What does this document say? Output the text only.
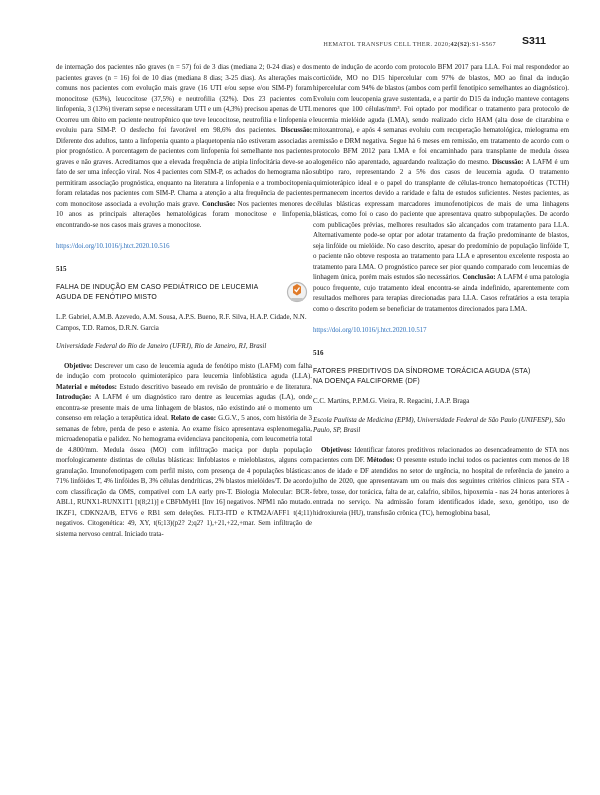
HEMATOL TRANSFUS CELL THER. 2020;42(S2):S1-S567 S311

de internação dos pacientes não graves (n = 57) foi de 3 dias (mediana 2; 0-24 dias) e dos pacientes graves (n = 16) foi de 10 dias (mediana 8 dias; 3-25 dias). As alterações mais comuns nos pacientes com evolução mais grave (16 UTI e/ou sepse e/ou SIM-P) foram monocitose (63%), leucocitose (37,5%) e neutrofilia (32%). Dos 23 pacientes com linfopenia, 3 (13%) tiveram sepse e necessitaram UTI e um (4,3%) precisou apenas de UTI. Ocorreu um óbito em paciente neutropênico que teve leucocitose, neutrofilia e linfopenia e evoluiu para SIM-P. O desfecho foi favorável em 98,6% dos pacientes. Discussão: Diferente dos adultos, tanto a linfopenia quanto a plaquetopenia não estiveram associadas a pior prognóstico. A porcentagem de pacientes com linfopenia foi semelhante nos pacientes graves e não graves. Acreditamos que a elevada frequência de atipia linfocitária deve-se ao fato de ser uma infecção viral. Nos 4 pacientes com SIM-P, os achados do hemograma não permitiram associação prognóstica, enquanto na literatura a linfopenia e a trombocitopenia foram relatadas nos pacientes com SIM-P. Chama a atenção a alta frequência de pacientes com monocitose associada a evolução mais grave. Conclusão: Nos pacientes menores de 10 anos as principais alterações hematológicas foram monocitose e linfopenia, encontrando-se nos casos mais graves a monocitose.

https://doi.org/10.1016/j.htct.2020.10.516
515
FALHA DE INDUÇÃO EM CASO PEDIÁTRICO DE LEUCEMIA AGUDA DE FENÓTIPO MISTO
L.P. Gabriel, A.M.B. Azevedo, A.M. Sousa, A.P.S. Bueno, R.F. Silva, H.A.P. Cidade, N.N. Campos, T.D. Ramos, D.R.N. Garcia
Universidade Federal do Rio de Janeiro (UFRJ), Rio de Janeiro, RJ, Brasil

Objetivo: Descrever um caso de leucemia aguda de fenótipo misto (LAFM) com falha de indução com protocolo quimioterápico para leucemia linfoblástica aguda (LLA). Material e métodos: Estudo descritivo baseado em revisão de prontuário e de literatura. Introdução: A LAFM é um diagnóstico raro dentre as leucemias agudas (LA), onde encontra-se presente mais de uma linhagem de blastos, não existindo até o momento um consenso em relação a terapêutica ideal. Relato de caso: G.G.V., 5 anos, com história de 3 semanas de febre, perda de peso e astenia. Ao exame físico apresentava esplenomegalia, microadenopatia e palidez. No hemograma evidenciava pancitopenia, com leucometria total de 4.800/mm. Medula óssea (MO) com infiltração maciça por dupla população morfologicamente distintas de células blásticas: linfoblastos e mieloblastos, alguns com granulação. Imunofenotipagem com perfil misto, com presença de 4 populações blásticas: 71% linfóides T, 4% linfóides B, 3% células dendríticas, 2% blastos mielóides/T. De acordo com classificação da OMS, compatível com LA early pre-T. Biologia Molecular: BCR-ABL1, RUNX1-RUNX1T1 [t(8;21)] e CBFbMyH1 [Inv 16] negativos. NPM1 não mutado. IKZF1, CDKN2A/B, ETV6 e RB1 sem deleções. FLT3-ITD e KTM2A/AFF1 t(4;11) negativos. Citogenética: 49, XY, t(6;13)(p2? 2;q2? 1),+21,+22,+mar. Sem infiltração de sistema nervoso central. Iniciado trata-

mento de indução de acordo com protocolo BFM 2017 para LLA. Foi mal respondedor ao corticóide, MO no D15 hipercelular com 97% de blastos, MO ao final da indução hipercelular com 94% de blastos (ambos com perfil fenotípico semelhantes ao diagnóstico). Evoluiu com leucopenia grave sustentada, e a partir do D15 da indução manteve contagens menores que 100 células/mm³. Foi optado por modificar o tratamento para protocolo de leucemia mielóide aguda (LMA), sendo realizado ciclo HAM (alta dose de citarabina e mitoxantrona), e após 4 semanas evoluiu com recuperação hematológica, mielograma em remissão e DRM negativa. Segue há 6 meses em remissão, em tratamento de acordo com o protocolo BFM 2012 para LMA e foi encaminhado para transplante de medula óssea alogenéico não aparentado, aguardando realização do mesmo. Discussão: A LAFM é um subtipo raro, representando 2 a 5% dos casos de leucemia aguda. O tratamento quimioterápico ideal e o papel do transplante de células-tronco hematopoéticas (TCTH) permanecem incertos devido a raridade e falta de estudos suficientes. Nestes pacientes, as células blásticas expressam marcadores imunofenotípicos de mais de uma linhagens blásticas, como foi o caso do paciente que apresentava quatro subpopulações. De acordo com publicações prévias, melhores resultados são alcançados com tratamento para LLA. Alternativamente pode-se optar por adotar tratamento da fração predominante de blastos, seja linfóide ou mielóide. No caso descrito, apesar do predomínio de população linfóide T, o paciente não obteve resposta ao tratamento para LLA e apresentou excelente resposta ao tratamento para LMA. O prognóstico parece ser pior quando comparado com leucemias de linhagem única, porém mais estudos são necessários. Conclusão: A LAFM é uma patologia pouco frequente, cujo tratamento ideal encontra-se ainda indefinido, aparentemente com resultados melhores para terapias direcionadas para LLA. Casos refratários a esta terapia como o descrito podem se beneficiar de tratamentos direcionados para LMA.

https://doi.org/10.1016/j.htct.2020.10.517
516
FATORES PREDITIVOS DA SÍNDROME TORÁCICA AGUDA (STA) NA DOENÇA FALCIFORME (DF)
C.C. Martins, P.P.M.G. Vieira, R. Regacini, J.A.P. Braga
Escola Paulista de Medicina (EPM), Universidade Federal de São Paulo (UNIFESP), São Paulo, SP, Brasil

Objetivos: Identificar fatores preditivos relacionados ao desencadeamento de STA nos pacientes com DF. Métodos: O presente estudo inclui todos os pacientes com menos de 18 anos de idade e DF atendidos no setor de urgência, no hospital de referência de janeiro a julho de 2020, que apresentavam um ou mais dos seguintes critérios clínicos para STA - febre, tosse, dor torácica, falta de ar, calafrio, sibilos, hipoxemia - nas 24 horas anteriores à entrada no serviço. Na admissão foram identificados idade, sexo, genótipo, uso de hidroxiureia (HU), transfusão crônica (TC), hemoglobina basal,
